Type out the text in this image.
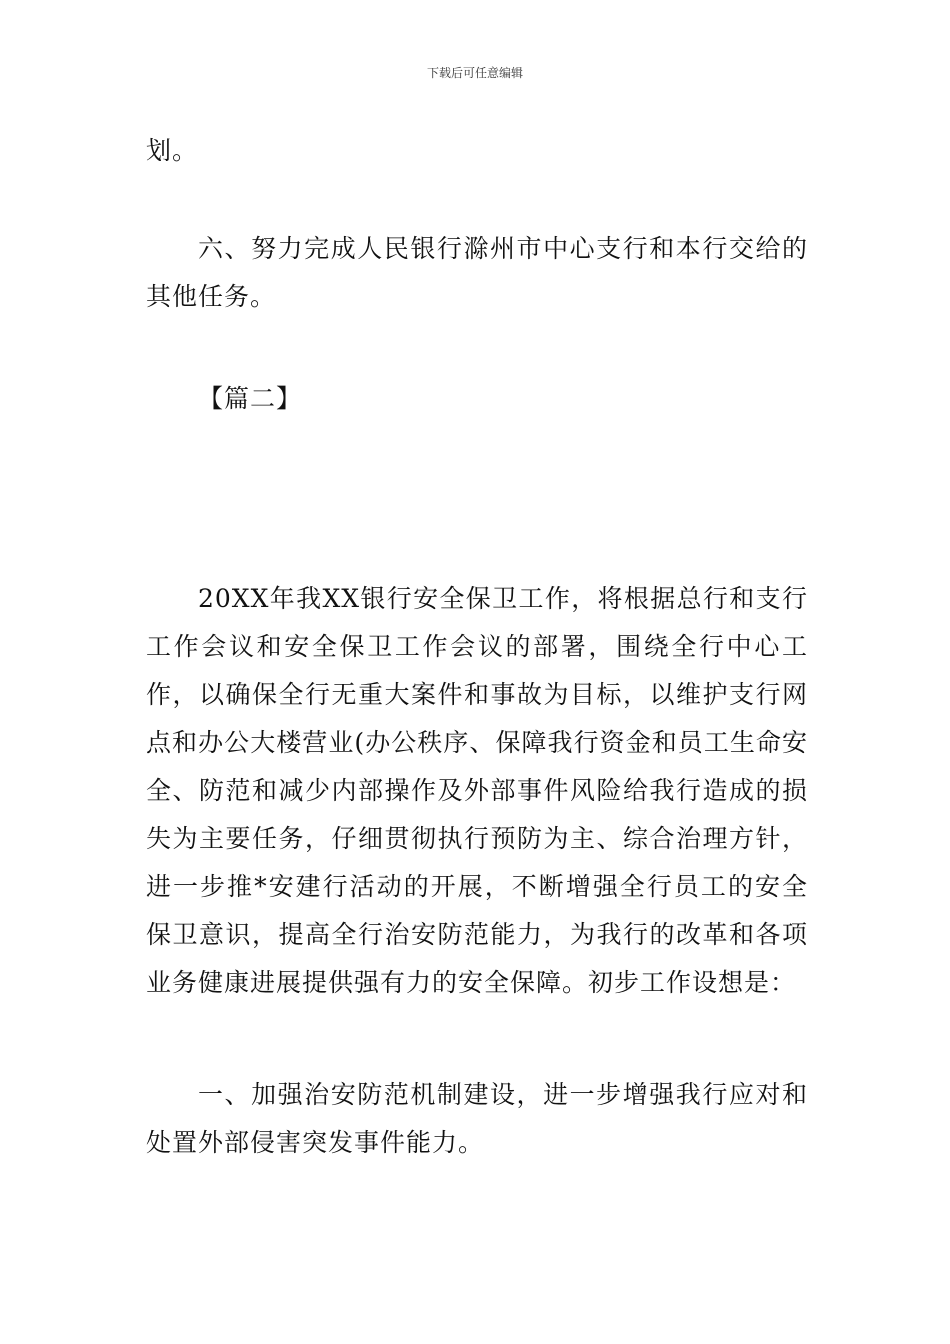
下载后可任意编辑
划。
六、努力完成人民银行滁州市中心支行和本行交给的其他任务。
【篇二】
20XX年我XX银行安全保卫工作，将根据总行和支行工作会议和安全保卫工作会议的部署，围绕全行中心工作，以确保全行无重大案件和事故为目标，以维护支行网点和办公大楼营业(办公秩序、保障我行资金和员工生命安全、防范和减少内部操作及外部事件风险给我行造成的损失为主要任务，仔细贯彻执行预防为主、综合治理方针，进一步推*安建行活动的开展，不断增强全行员工的安全保卫意识，提高全行治安防范能力，为我行的改革和各项业务健康进展提供强有力的安全保障。初步工作设想是：
一、加强治安防范机制建设，进一步增强我行应对和处置外部侵害突发事件能力。
